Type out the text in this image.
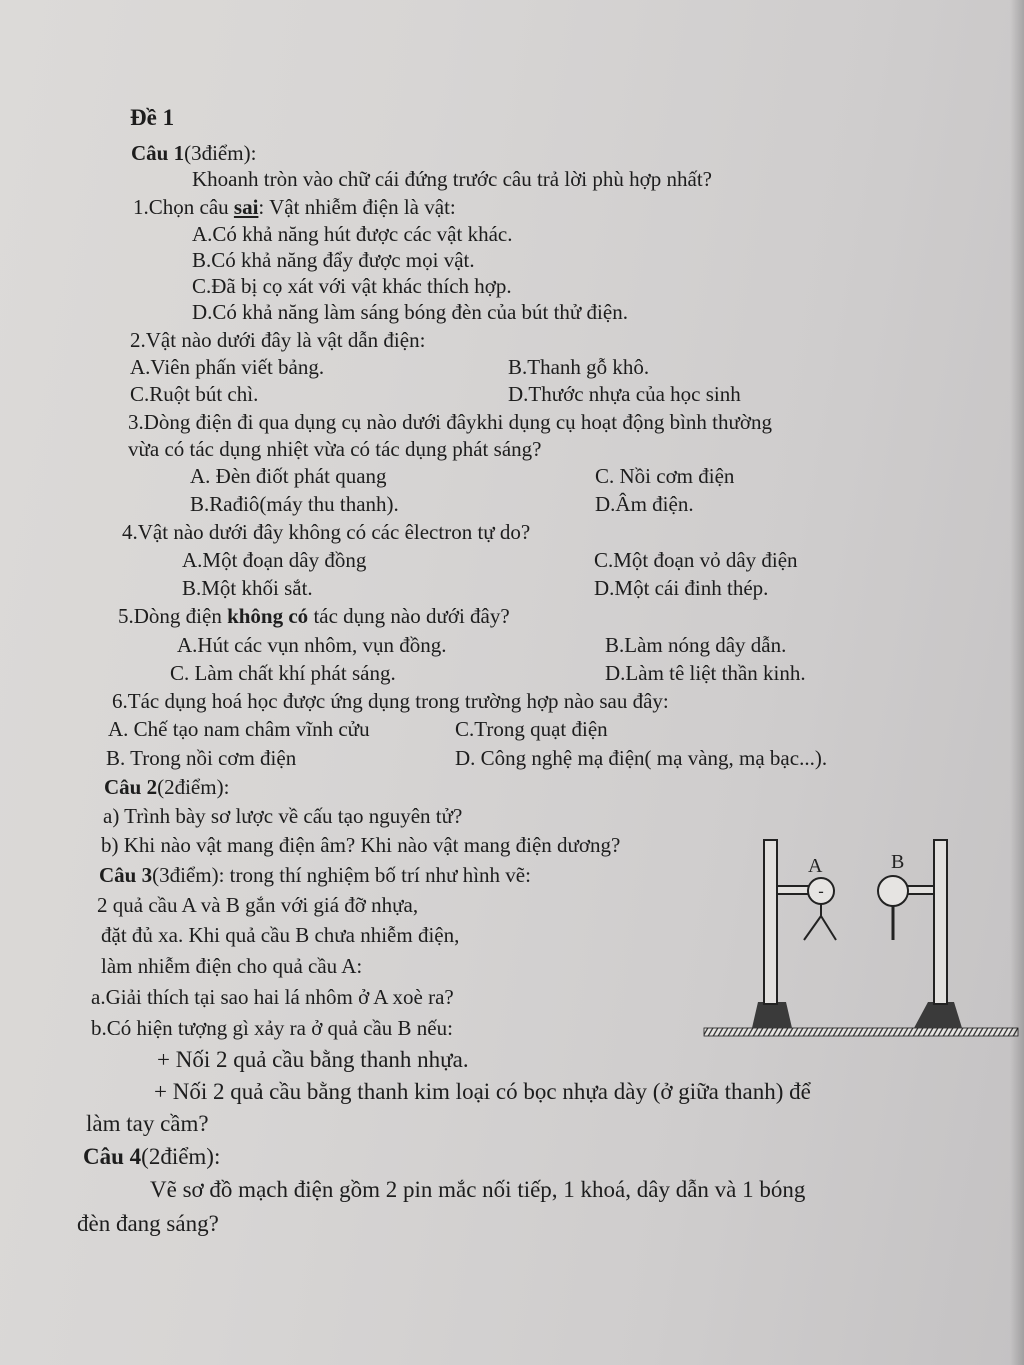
Đề 1
Câu 1(3điểm):
Khoanh tròn vào chữ cái đứng trước câu trả lời phù hợp nhất?
1.Chọn câu sai: Vật nhiễm điện là vật:
A.Có khả năng hút được các vật khác.
B.Có khả năng đẩy được mọi vật.
C.Đã bị cọ xát với vật khác thích hợp.
D.Có khả năng làm sáng bóng đèn của bút thử điện.
2.Vật nào dưới đây là vật dẫn điện:
A.Viên phấn viết bảng.	B.Thanh gỗ khô.
C.Ruột bút chì.	D.Thước nhựa của học sinh
3.Dòng điện đi qua dụng cụ nào dưới đâykhi dụng cụ hoạt động bình thường
vừa có tác dụng nhiệt vừa có tác dụng phát sáng?
A. Đèn điốt phát quang	C. Nồi cơm điện
B.Rađiô(máy thu thanh).	D.Âm điện.
4.Vật nào dưới đây không có các êlectron tự do?
A.Một đoạn dây đồng	C.Một đoạn vỏ dây điện
B.Một khối sắt.	D.Một cái đinh thép.
5.Dòng điện không có tác dụng nào dưới đây?
A.Hút các vụn nhôm, vụn đồng.	B.Làm nóng dây dẫn.
C. Làm chất khí phát sáng.	D.Làm tê liệt thần kinh.
6.Tác dụng hoá học được ứng dụng trong trường hợp nào sau đây:
A. Chế tạo nam châm vĩnh cửu	C.Trong quạt điện
B. Trong nồi cơm điện	D. Công nghệ mạ điện( mạ vàng, mạ bạc...).
Câu 2(2điểm):
a) Trình bày sơ lược về cấu tạo nguyên tử?
b) Khi nào vật mang điện âm? Khi nào vật mang điện dương?
Câu 3(3điểm): trong thí nghiệm bố trí như hình vẽ:
2 quả cầu A và B gắn với giá đỡ nhựa,
đặt đủ xa. Khi quả cầu B chưa nhiễm điện,
làm nhiễm điện cho quả cầu A:
a.Giải thích tại sao hai lá nhôm ở A xoè ra?
b.Có hiện tượng gì xảy ra ở quả cầu B nếu:
+ Nối 2 quả cầu bằng thanh nhựa.
+ Nối 2 quả cầu bằng thanh kim loại có bọc nhựa dày (ở giữa thanh) để
làm tay cầm?
Câu 4(2điểm):
Vẽ sơ đồ mạch điện gồm 2 pin mắc nối tiếp, 1 khoá, dây dẫn và 1 bóng
đèn đang sáng?
-
A	B
